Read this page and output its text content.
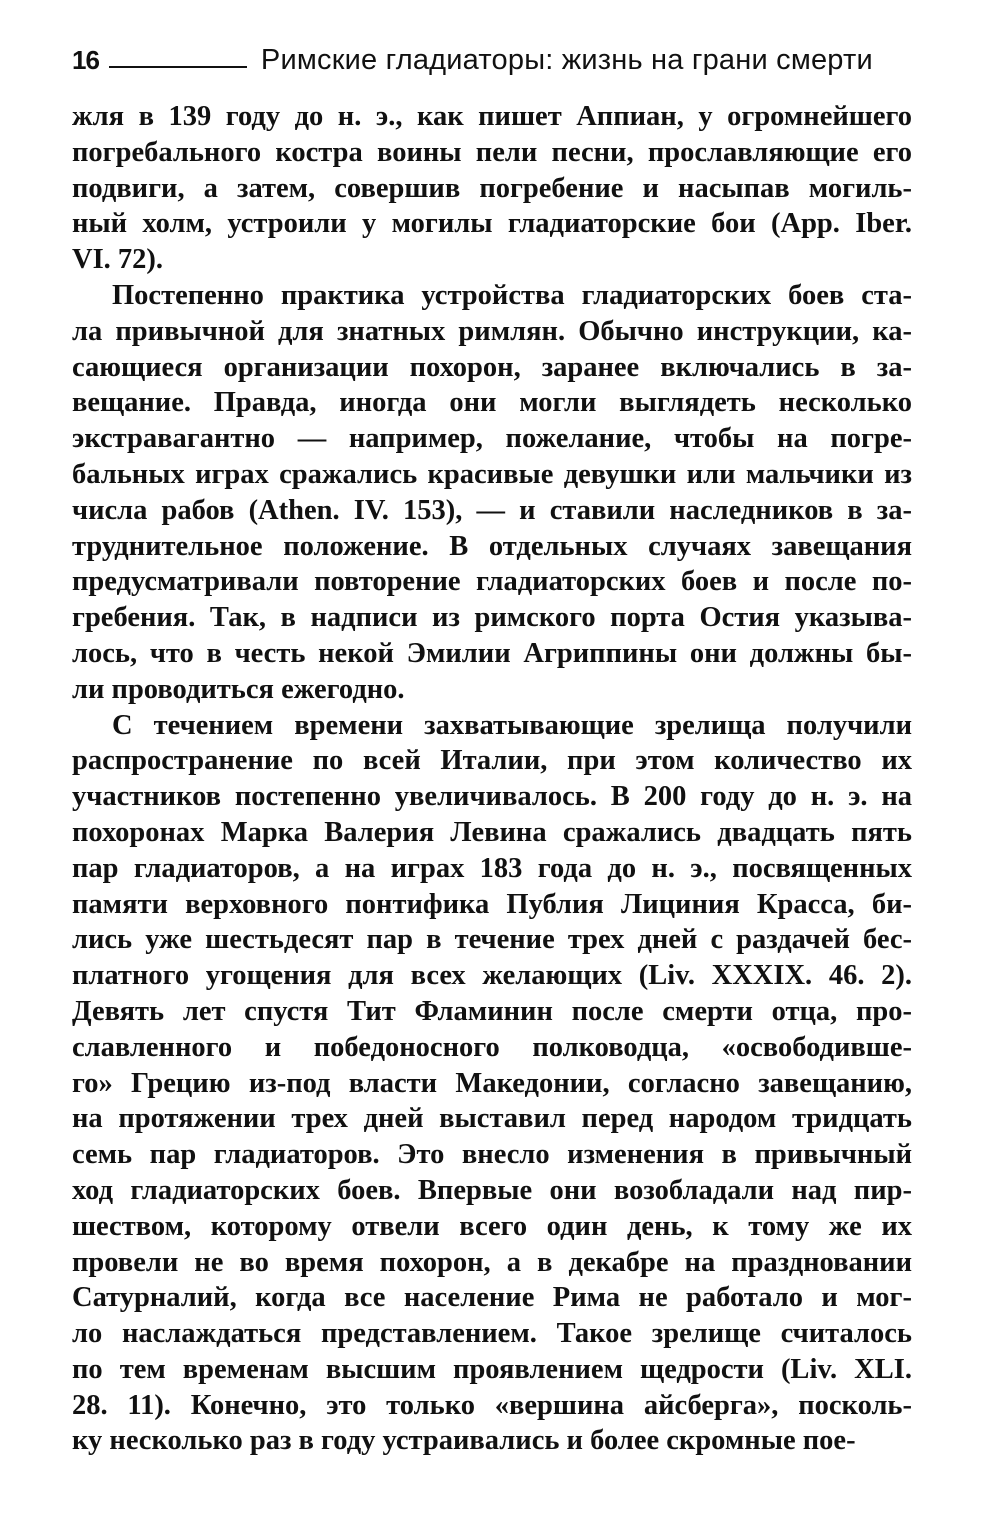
16	Римские гладиаторы: жизнь на грани смерти
жля в 139 году до н. э., как пишет Аппиан, у огромнейшего
погребального костра воины пели песни, прославляющие его
подвиги, а затем, совершив погребение и насыпав могиль-
ный холм, устроили у могилы гладиаторские бои (App. Iber.
VI. 72).
Постепенно практика устройства гладиаторских боев ста-
ла привычной для знатных римлян. Обычно инструкции, ка-
сающиеся организации похорон, заранее включались в за-
вещание. Правда, иногда они могли выглядеть несколько
экстравагантно — например, пожелание, чтобы на погре-
бальных играх сражались красивые девушки или мальчики из
числа рабов (Athen. IV. 153), — и ставили наследников в за-
труднительное положение. В отдельных случаях завещания
предусматривали повторение гладиаторских боев и после по-
гребения. Так, в надписи из римского порта Остия указыва-
лось, что в честь некой Эмилии Агриппины они должны бы-
ли проводиться ежегодно.
С течением времени захватывающие зрелища получили
распространение по всей Италии, при этом количество их
участников постепенно увеличивалось. В 200 году до н. э. на
похоронах Марка Валерия Левина сражались двадцать пять
пар гладиаторов, а на играх 183 года до н. э., посвященных
памяти верховного понтифика Публия Лициния Красса, би-
лись уже шестьдесят пар в течение трех дней с раздачей бес-
платного угощения для всех желающих (Liv. XXXIX. 46. 2).
Девять лет спустя Тит Фламинин после смерти отца, про-
славленного и победоносного полководца, «освободивше-
го» Грецию из-под власти Македонии, согласно завещанию,
на протяжении трех дней выставил перед народом тридцать
семь пар гладиаторов. Это внесло изменения в привычный
ход гладиаторских боев. Впервые они возобладали над пир-
шеством, которому отвели всего один день, к тому же их
провели не во время похорон, а в декабре на праздновании
Сатурналий, когда все население Рима не работало и мог-
ло наслаждаться представлением. Такое зрелище считалось
по тем временам высшим проявлением щедрости (Liv. XLI.
28. 11). Конечно, это только «вершина айсберга», посколь-
ку несколько раз в году устраивались и более скромные пое-
